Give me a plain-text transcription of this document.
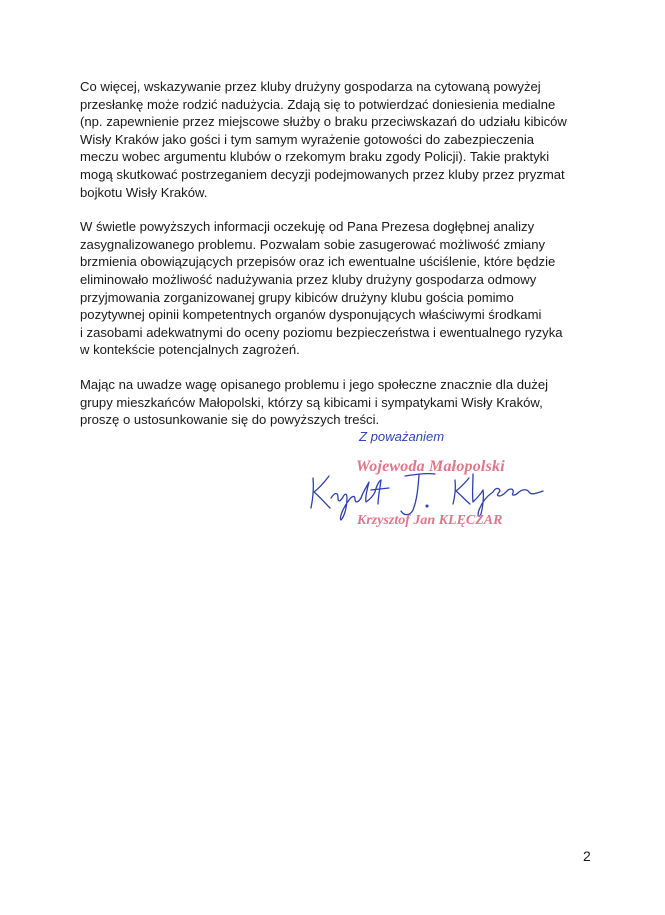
Co więcej, wskazywanie przez kluby drużyny gospodarza na cytowaną powyżej
przesłankę może rodzić nadużycia. Zdają się to potwierdzać doniesienia medialne
(np. zapewnienie przez miejscowe służby o braku przeciwskazań do udziału kibiców
Wisły Kraków jako gości i tym samym wyrażenie gotowości do zabezpieczenia
meczu wobec argumentu klubów o rzekomym braku zgody Policji). Takie praktyki
mogą skutkować postrzeganiem decyzji podejmowanych przez kluby przez pryzmat
bojkotu Wisły Kraków.

W świetle powyższych informacji oczekuję od Pana Prezesa dogłębnej analizy
zasygnalizowanego problemu. Pozwalam sobie zasugerować możliwość zmiany
brzmienia obowiązujących przepisów oraz ich ewentualne uściślenie, które będzie
eliminowało możliwość nadużywania przez kluby drużyny gospodarza odmowy
przyjmowania zorganizowanej grupy kibiców drużyny klubu gościa pomimo
pozytywnej opinii kompetentnych organów dysponujących właściwymi środkami
i zasobami adekwatnymi do oceny poziomu bezpieczeństwa i ewentualnego ryzyka
w kontekście potencjalnych zagrożeń.

Mając na uwadze wagę opisanego problemu i jego społeczne znacznie dla dużej
grupy mieszkańców Małopolski, którzy są kibicami i sympatykami Wisły Kraków,
proszę o ustosunkowanie się do powyższych treści.

Z poważaniem
Wojewoda Małopolski
Krzysztof Jan KLĘCZAR
2
